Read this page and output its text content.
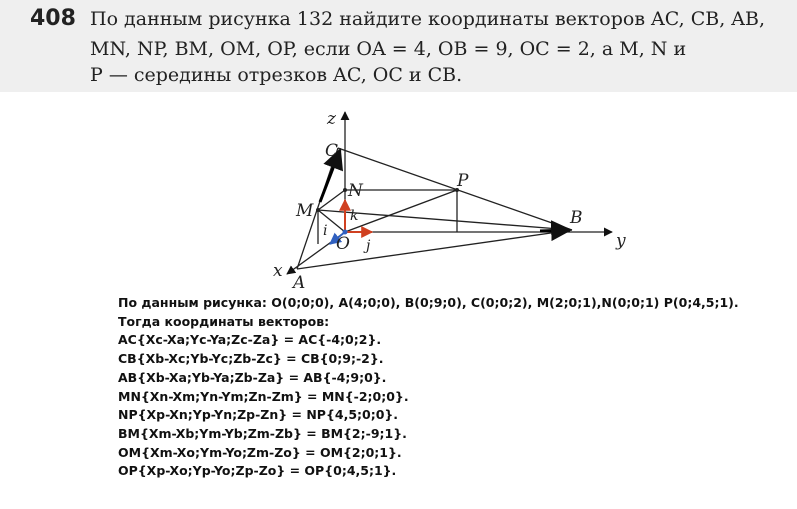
408 По данным рисунка 132 найдите координаты векторов AC, CB, AB,
MN, NP, BM, OM, OP, если OA = 4, OB = 9, OC = 2, а M, N и
P — середины отрезков AC, OC и CB.
z
C
N	P
M	B
O	y
x
A
k
i
j
По данным рисунка: O(0;0;0), A(4;0;0), B(0;9;0), C(0;0;2), M(2;0;1),N(0;0;1) P(0;4,5;1).
Тогда координаты векторов:
AC{Xc-Xa;Yc-Ya;Zc-Za} = AC{-4;0;2}.
CB{Xb-Xc;Yb-Yc;Zb-Zc} = CB{0;9;-2}.
AB{Xb-Xa;Yb-Ya;Zb-Za} = AB{-4;9;0}.
MN{Xn-Xm;Yn-Ym;Zn-Zm} = MN{-2;0;0}.
NP{Xp-Xn;Yp-Yn;Zp-Zn} = NP{4,5;0;0}.
BM{Xm-Xb;Ym-Yb;Zm-Zb} = BM{2;-9;1}.
OM{Xm-Xo;Ym-Yo;Zm-Zo} = OM{2;0;1}.
OP{Xp-Xo;Yp-Yo;Zp-Zo} = OP{0;4,5;1}.
